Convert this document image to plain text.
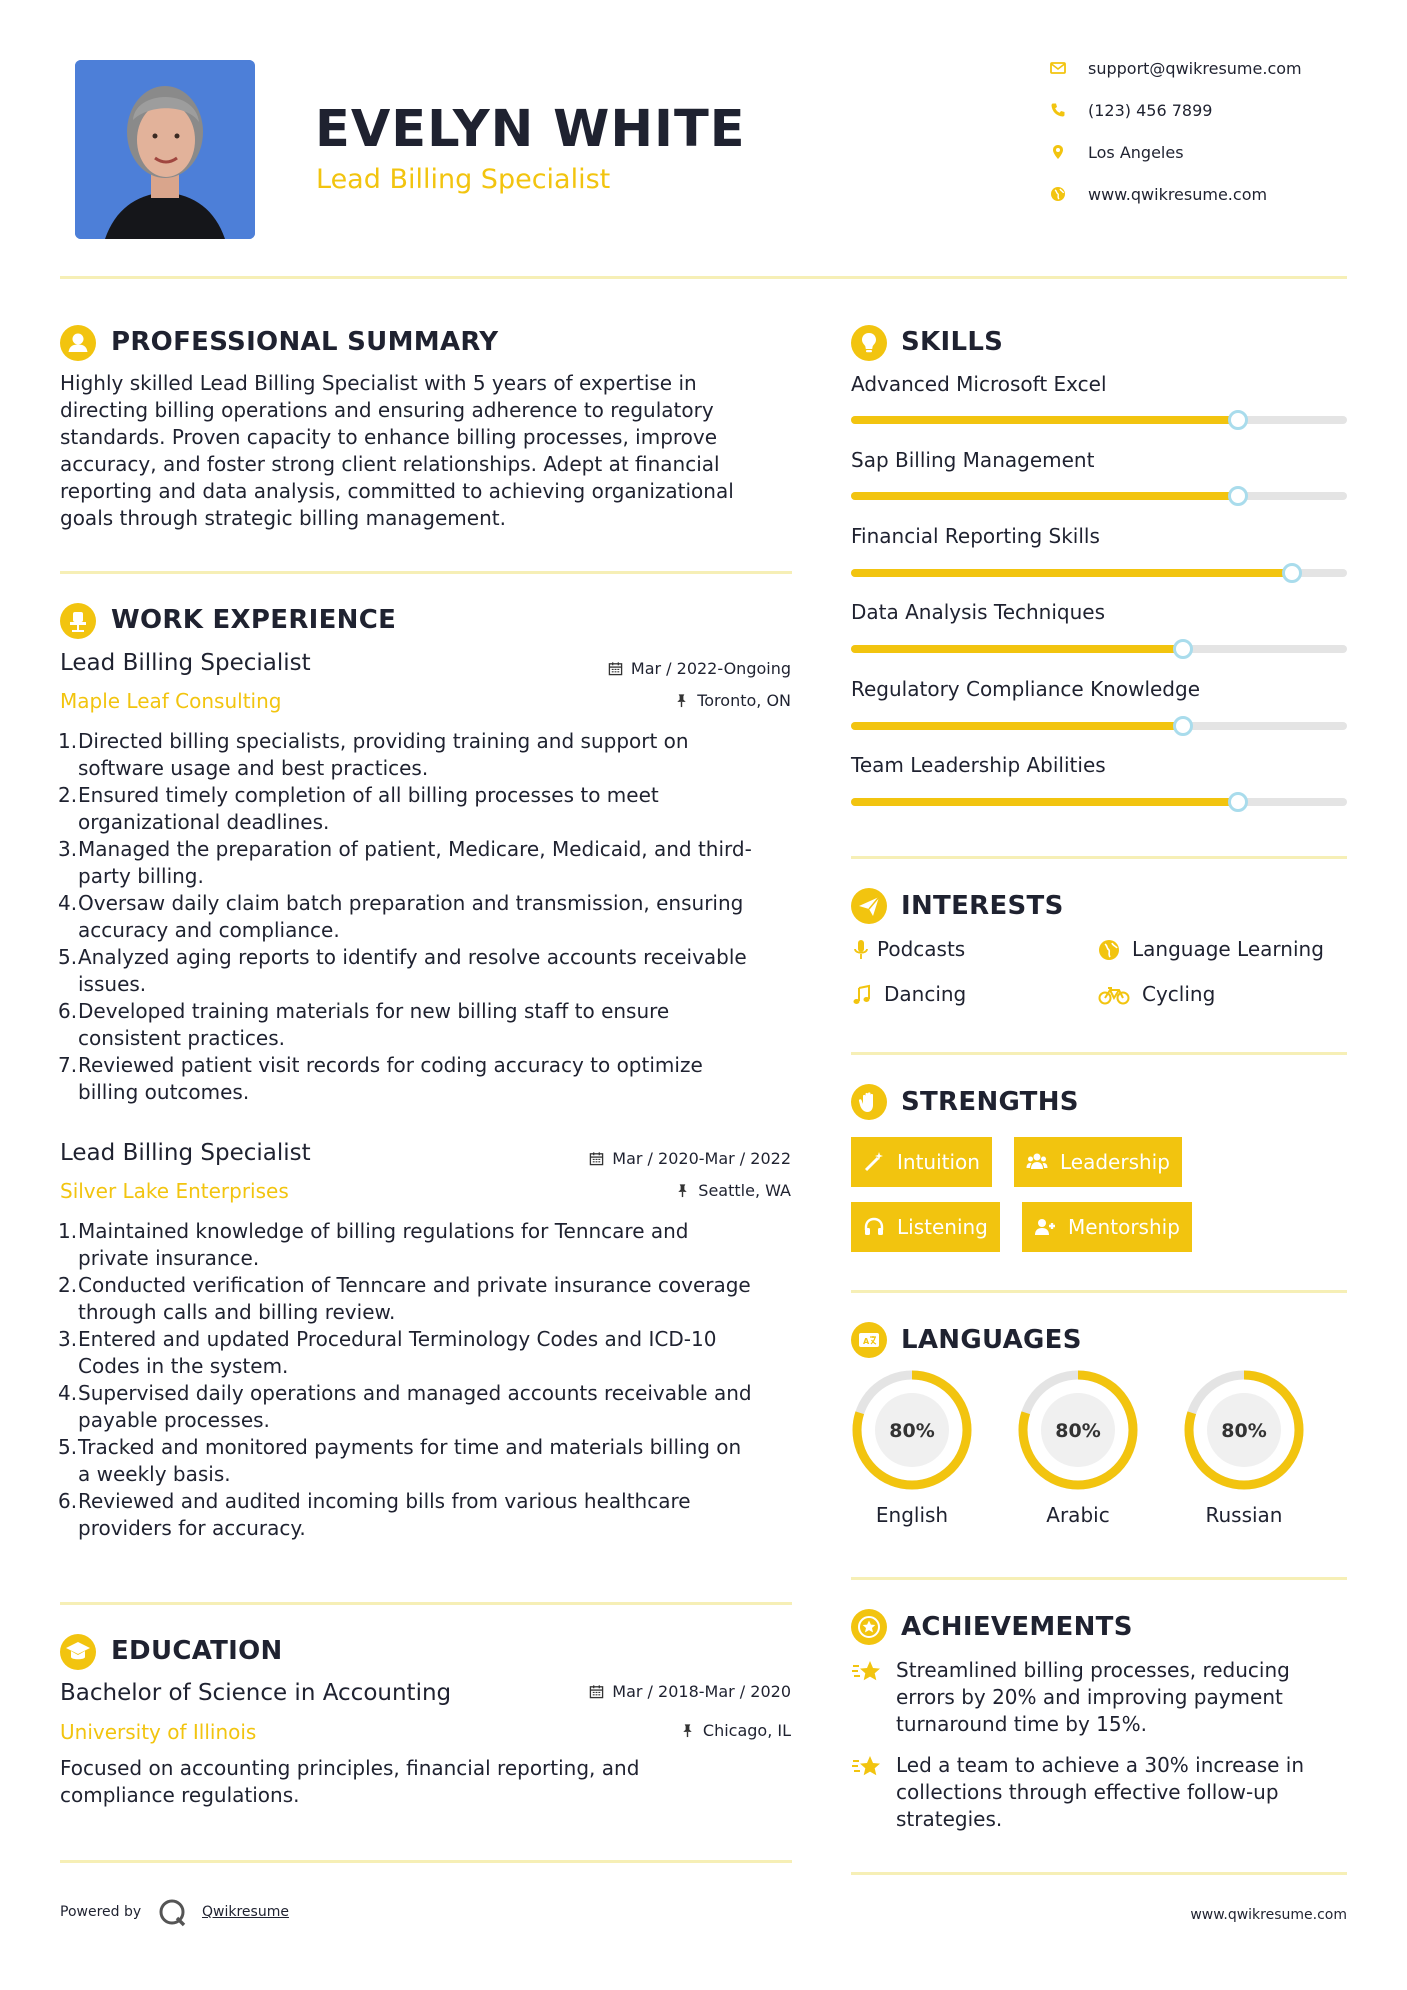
EVELYN WHITE
Lead Billing Specialist
support@qwikresume.com
(123) 456 7899
Los Angeles
www.qwikresume.com
PROFESSIONAL SUMMARY
Highly skilled Lead Billing Specialist with 5 years of expertise in
directing billing operations and ensuring adherence to regulatory
standards. Proven capacity to enhance billing processes, improve
accuracy, and foster strong client relationships. Adept at financial
reporting and data analysis, committed to achieving organizational
goals through strategic billing management.
WORK EXPERIENCE
Lead Billing Specialist
Maple Leaf Consulting
Mar / 2022-Ongoing
Toronto, ON
1. Directed billing specialists, providing training and support on
software usage and best practices.
2. Ensured timely completion of all billing processes to meet
organizational deadlines.
3. Managed the preparation of patient, Medicare, Medicaid, and third-
party billing.
4. Oversaw daily claim batch preparation and transmission, ensuring
accuracy and compliance.
5. Analyzed aging reports to identify and resolve accounts receivable
issues.
6. Developed training materials for new billing staff to ensure
consistent practices.
7. Reviewed patient visit records for coding accuracy to optimize
billing outcomes.
Lead Billing Specialist
Silver Lake Enterprises
Mar / 2020-Mar / 2022
Seattle, WA
1. Maintained knowledge of billing regulations for Tenncare and
private insurance.
2. Conducted verification of Tenncare and private insurance coverage
through calls and billing review.
3. Entered and updated Procedural Terminology Codes and ICD-10
Codes in the system.
4. Supervised daily operations and managed accounts receivable and
payable processes.
5. Tracked and monitored payments for time and materials billing on
a weekly basis.
6. Reviewed and audited incoming bills from various healthcare
providers for accuracy.
EDUCATION
Bachelor of Science in Accounting
University of Illinois
Mar / 2018-Mar / 2020
Chicago, IL
Focused on accounting principles, financial reporting, and
compliance regulations.
SKILLS
Advanced Microsoft Excel
Sap Billing Management
Financial Reporting Skills
Data Analysis Techniques
Regulatory Compliance Knowledge
Team Leadership Abilities
INTERESTS
Podcasts	Language Learning
Dancing	Cycling
STRENGTHS
Intuition	Leadership
Listening	Mentorship
A LANGUAGES
80%
English
80%
Arabic
80%
Russian
ACHIEVEMENTS
Streamlined billing processes, reducing
errors by 20% and improving payment
turnaround time by 15%.
Led a team to achieve a 30% increase in
collections through effective follow-up
strategies.
Powered by	Qwikresume	www.qwikresume.com
